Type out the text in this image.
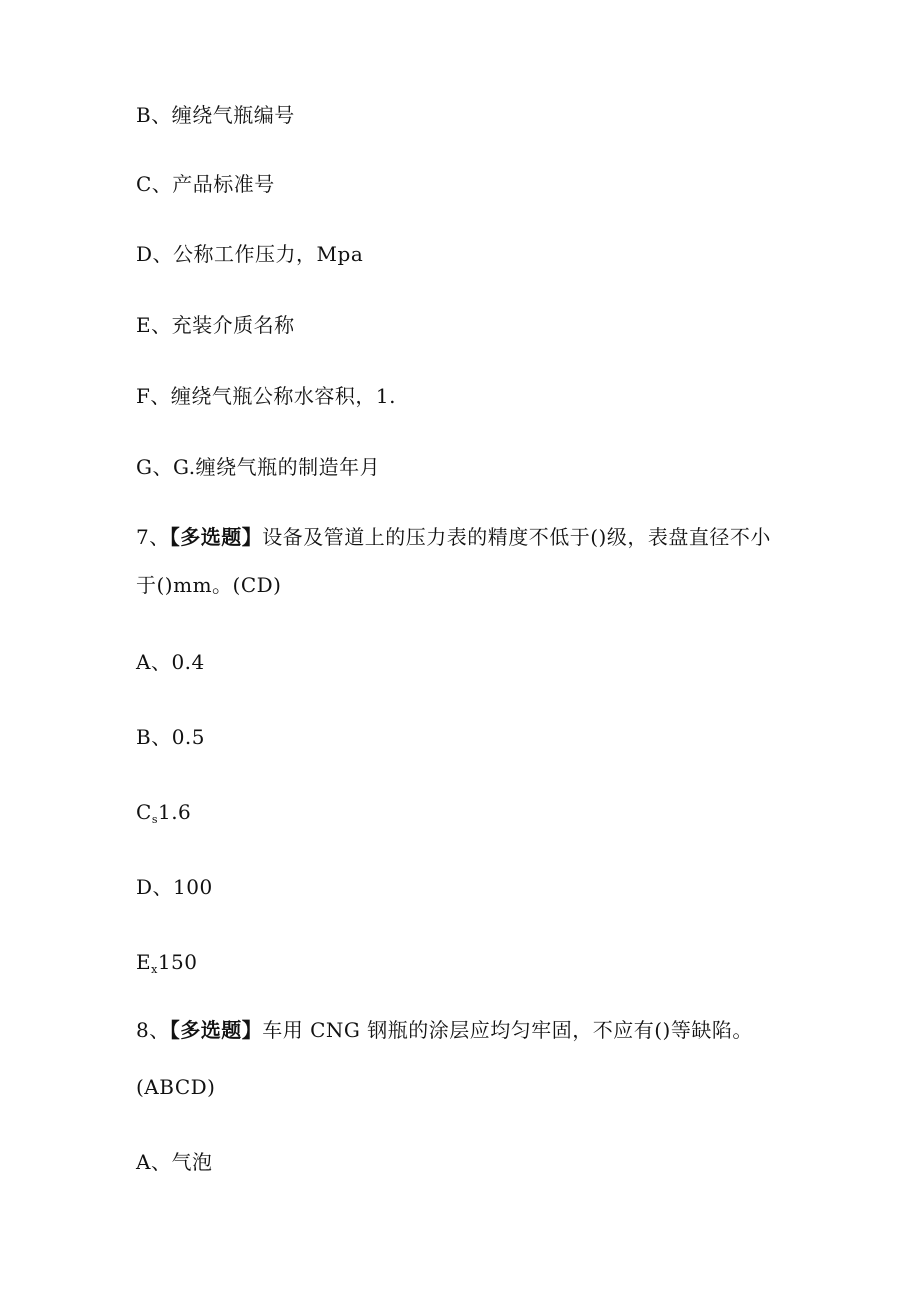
B、缠绕气瓶编号
C、产品标准号
D、公称工作压力，Mpa
E、充装介质名称
F、缠绕气瓶公称水容积，1.
G、G.缠绕气瓶的制造年月
7、【多选题】设备及管道上的压力表的精度不低于()级，表盘直径不小
于()mm。(CD)
A、0.4
B、0.5
$C_s1.6$
D、100
$E_x150$
8、【多选题】车用 CNG 钢瓶的涂层应均匀牢固，不应有()等缺陷。
(ABCD)
A、气泡
